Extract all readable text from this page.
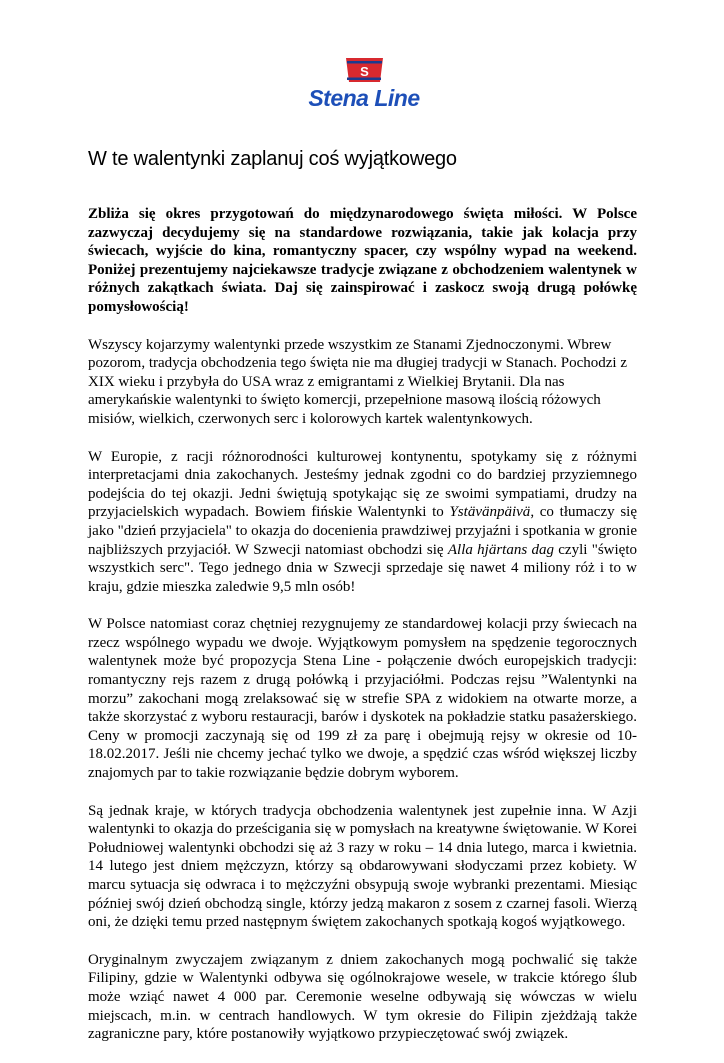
S
Stena Line
W te walentynki zaplanuj coś wyjątkowego

Zbliża się okres przygotowań do międzynarodowego święta miłości. W Polsce zazwyczaj decydujemy się na standardowe rozwiązania, takie jak kolacja przy świecach, wyjście do kina, romantyczny spacer, czy wspólny wypad na weekend. Poniżej prezentujemy najciekawsze tradycje związane z obchodzeniem walentynek w różnych zakątkach świata. Daj się zainspirować i zaskocz swoją drugą połówkę pomysłowością!

Wszyscy kojarzymy walentynki przede wszystkim ze Stanami Zjednoczonymi. Wbrew pozorom, tradycja obchodzenia tego święta nie ma długiej tradycji w Stanach. Pochodzi z XIX wieku i przybyła do USA wraz z emigrantami z Wielkiej Brytanii. Dla nas amerykańskie walentynki to święto komercji, przepełnione masową ilością różowych misiów, wielkich, czerwonych serc i kolorowych kartek walentynkowych.

W Europie, z racji różnorodności kulturowej kontynentu, spotykamy się z różnymi interpretacjami dnia zakochanych. Jesteśmy jednak zgodni co do bardziej przyziemnego podejścia do tej okazji. Jedni świętują spotykając się ze swoimi sympatiami, drudzy na przyjacielskich wypadach. Bowiem fińskie Walentynki to Ystävänpäivä, co tłumaczy się jako "dzień przyjaciela" to okazja do docenienia prawdziwej przyjaźni i spotkania w gronie najbliższych przyjaciół. W Szwecji natomiast obchodzi się Alla hjärtans dag czyli "święto wszystkich serc". Tego jednego dnia w Szwecji sprzedaje się nawet 4 miliony róż i to w kraju, gdzie mieszka zaledwie 9,5 mln osób!

W Polsce natomiast coraz chętniej rezygnujemy ze standardowej kolacji przy świecach na rzecz wspólnego wypadu we dwoje. Wyjątkowym pomysłem na spędzenie tegorocznych walentynek może być propozycja Stena Line - połączenie dwóch europejskich tradycji: romantyczny rejs razem z drugą połówką i przyjaciółmi. Podczas rejsu ”Walentynki na morzu” zakochani mogą zrelaksować się w strefie SPA z widokiem na otwarte morze, a także skorzystać z wyboru restauracji, barów i dyskotek na pokładzie statku pasażerskiego. Ceny w promocji zaczynają się od 199 zł za parę i obejmują rejsy w okresie od 10-18.02.2017. Jeśli nie chcemy jechać tylko we dwoje, a spędzić czas wśród większej liczby znajomych par to takie rozwiązanie będzie dobrym wyborem.

Są jednak kraje, w których tradycja obchodzenia walentynek jest zupełnie inna. W Azji walentynki to okazja do prześcigania się w pomysłach na kreatywne świętowanie. W Korei Południowej walentynki obchodzi się aż 3 razy w roku – 14 dnia lutego, marca i kwietnia. 14 lutego jest dniem mężczyzn, którzy są obdarowywani słodyczami przez kobiety. W marcu sytuacja się odwraca i to mężczyźni obsypują swoje wybranki prezentami. Miesiąc później swój dzień obchodzą single, którzy jedzą makaron z sosem z czarnej fasoli. Wierzą oni, że dzięki temu przed następnym świętem zakochanych spotkają kogoś wyjątkowego.

Oryginalnym zwyczajem związanym z dniem zakochanych mogą pochwalić się także Filipiny, gdzie w Walentynki odbywa się ogólnokrajowe wesele, w trakcie którego ślub może wziąć nawet 4 000 par. Ceremonie weselne odbywają się wówczas w wielu miejscach, m.in. w centrach handlowych. W tym okresie do Filipin zjeżdżają także zagraniczne pary, które postanowiły wyjątkowo przypieczętować swój związek.
